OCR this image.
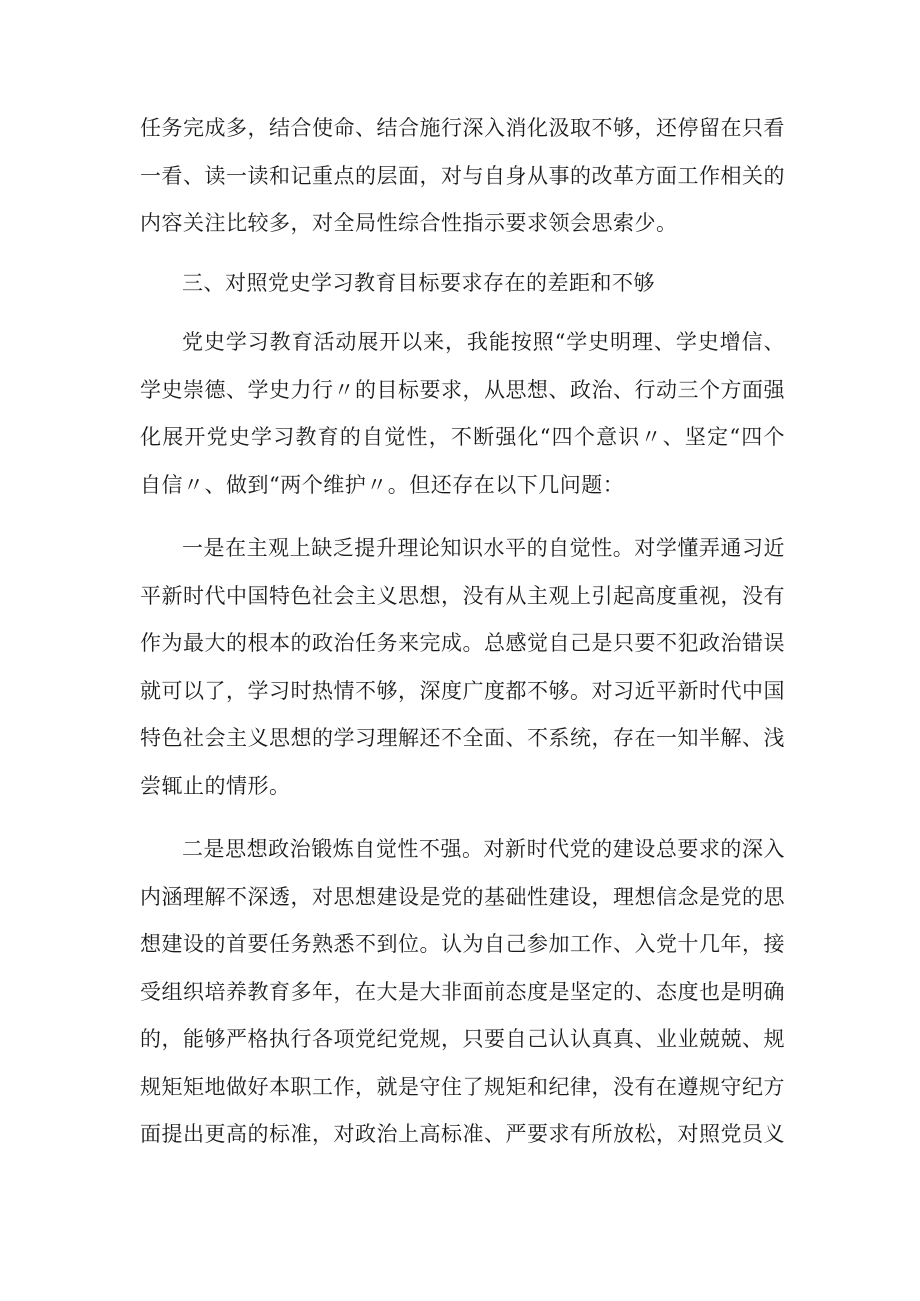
任务完成多，结合使命、结合施行深入消化汲取不够，还停留在只看一看、读一读和记重点的层面，对与自身从事的改革方面工作相关的内容关注比较多，对全局性综合性指示要求领会思索少。

三、对照党史学习教育目标要求存在的差距和不够

党史学习教育活动展开以来，我能按照“学史明理、学史增信、学史崇德、学史力行〃的目标要求，从思想、政治、行动三个方面强化展开党史学习教育的自觉性，不断强化“四个意识〃、坚定“四个自信〃、做到“两个维护〃。但还存在以下几问题：

一是在主观上缺乏提升理论知识水平的自觉性。对学懂弄通习近平新时代中国特色社会主义思想，没有从主观上引起高度重视，没有作为最大的根本的政治任务来完成。总感觉自己是只要不犯政治错误就可以了，学习时热情不够，深度广度都不够。对习近平新时代中国特色社会主义思想的学习理解还不全面、不系统，存在一知半解、浅尝辄止的情形。

二是思想政治锻炼自觉性不强。对新时代党的建设总要求的深入内涵理解不深透，对思想建设是党的基础性建设，理想信念是党的思想建设的首要任务熟悉不到位。认为自己参加工作、入党十几年，接受组织培养教育多年，在大是大非面前态度是坚定的、态度也是明确的，能够严格执行各项党纪党规，只要自己认认真真、业业兢兢、规规矩矩地做好本职工作，就是守住了规矩和纪律，没有在遵规守纪方面提出更高的标准，对政治上高标准、严要求有所放松，对照党员义
